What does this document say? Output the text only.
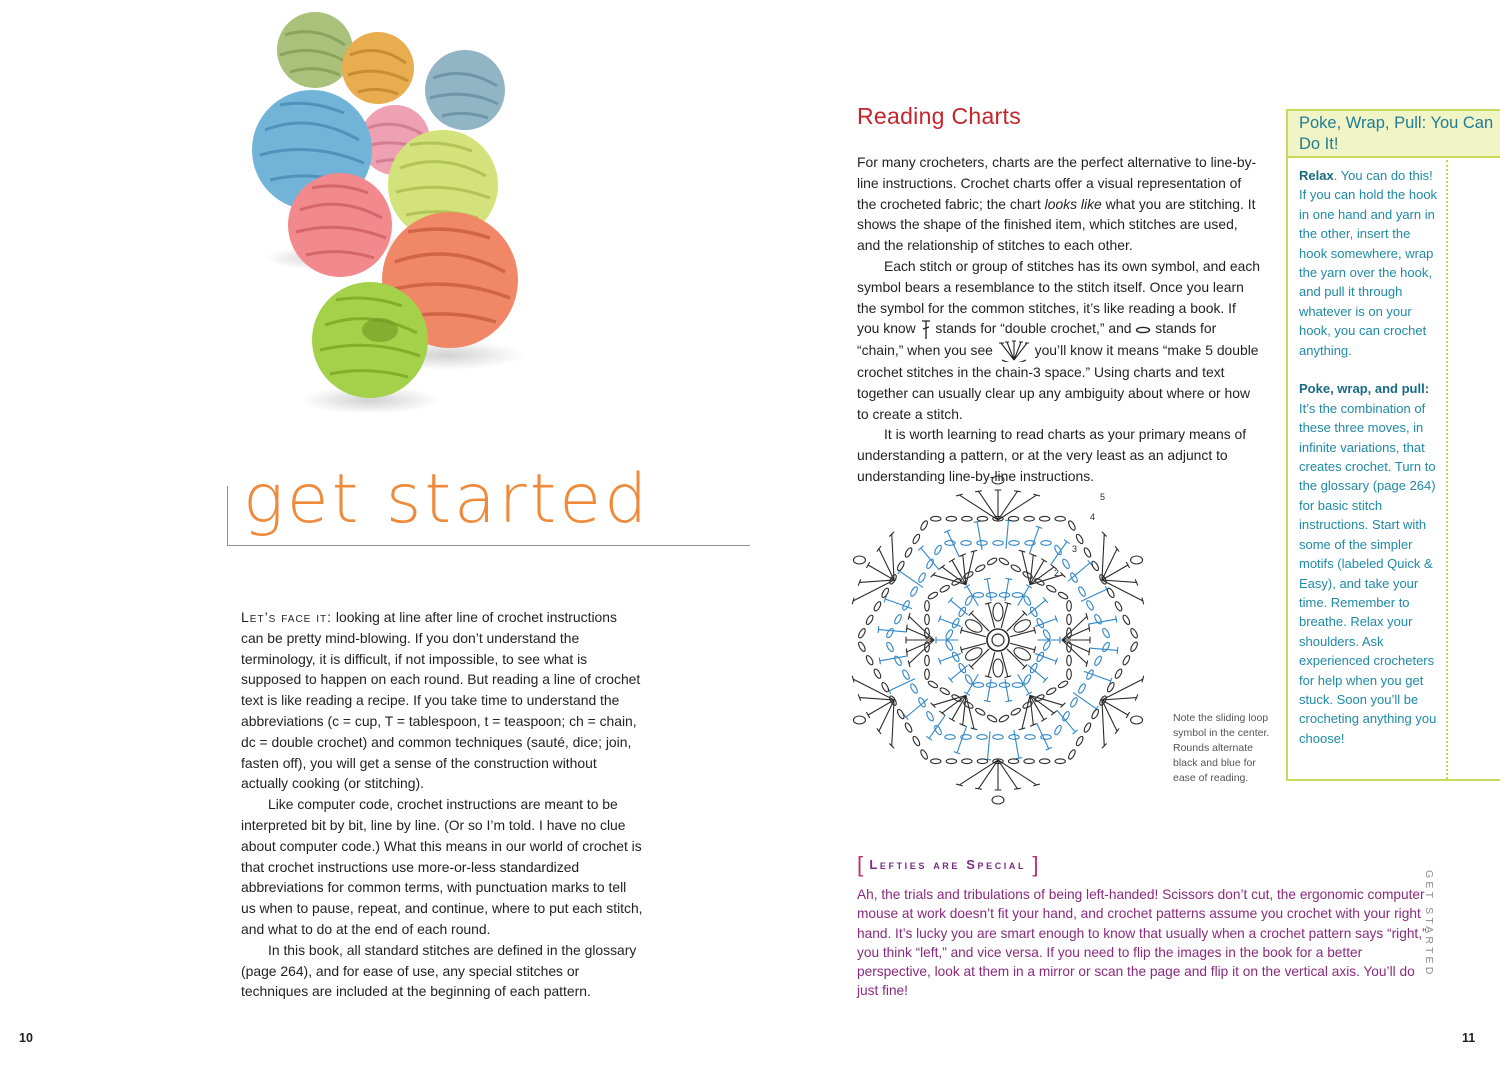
get started

Let’s face it: looking at line after line of crochet instructions can be pretty mind-blowing. If you don’t understand the terminology, it is difficult, if not impossible, to see what is supposed to happen on each round. But reading a line of crochet text is like reading a recipe. If you take time to understand the abbreviations (c = cup, T = tablespoon, t = teaspoon; ch = chain, dc = double crochet) and common techniques (sauté, dice; join, fasten off), you will get a sense of the construction without actually cooking (or stitching).

Like computer code, crochet instructions are meant to be interpreted bit by bit, line by line. (Or so I’m told. I have no clue about computer code.) What this means in our world of crochet is that crochet instructions use more-or-less standardized abbreviations for common terms, with punctuation marks to tell us when to pause, repeat, and continue, where to put each stitch, and what to do at the end of each round.

In this book, all standard stitches are defined in the glossary (page 264), and for ease of use, any special stitches or techniques are included at the beginning of each pattern.

10
Reading Charts

For many crocheters, charts are the perfect alternative to line-by-line instructions. Crochet charts offer a visual representation of the crocheted fabric; the chart looks like what you are stitching. It shows the shape of the finished item, which stitches are used, and the relationship of stitches to each other.

Each stitch or group of stitches has its own symbol, and each symbol bears a resemblance to the stitch itself. Once you learn the symbol for the common stitches, it’s like reading a book. If you know stands for “double crochet,” and stands for “chain,” when you see	you’ll know it means “make 5 double crochet stitches in the chain-3 space.” Using charts and text together can usually clear up any ambiguity about where or how to create a stitch.

It is worth learning to read charts as your primary means of understanding a pattern, or at the very least as an adjunct to understanding line-by-line instructions.

5
4
3
2
Note the sliding loop symbol in the center. Rounds alternate black and blue for ease of reading.
Poke, Wrap, Pull: You Can Do It!

Relax. You can do this! If you can hold the hook in one hand and yarn in the other, insert the hook somewhere, wrap the yarn over the hook, and pull it through whatever is on your hook, you can crochet anything.

Poke, wrap, and pull: It’s the combination of these three moves, in infinite variations, that creates crochet. Turn to the glossary (page 264) for basic stitch instructions. Start with some of the simpler motifs (labeled Quick & Easy), and take your time. Remember to breathe. Relax your shoulders. Ask experienced crocheters for help when you get stuck. Soon you’ll be crocheting anything you choose!

[ Lefties are Special ]
Ah, the trials and tribulations of being left-handed! Scissors don’t cut, the ergonomic computer mouse at work doesn’t fit your hand, and crochet patterns assume you crochet with your right hand. It’s lucky you are smart enough to know that usually when a crochet pattern says “right,” you think “left,” and vice versa. If you need to flip the images in the book for a better perspective, look at them in a mirror or scan the page and flip it on the vertical axis. You’ll do just fine!
GET STARTED
11
